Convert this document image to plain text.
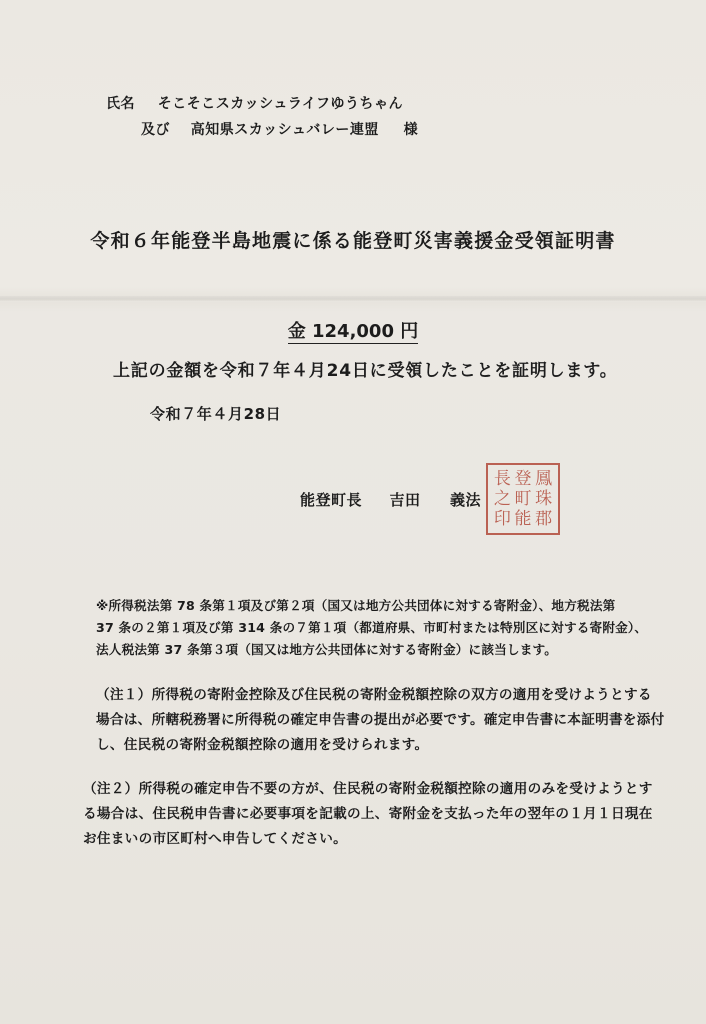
氏名 そこそこスカッシュライフゆうちゃん
及び 高知県スカッシュバレー連盟 様
令和６年能登半島地震に係る能登町災害義援金受領証明書
金 124,000 円
上記の金額を令和７年４月24日に受領したことを証明します。
令和７年４月28日
能登町長 吉田 義法
長 登 鳳
之 町 珠
印 能 郡
※所得税法第 78 条第１項及び第２項（国又は地方公共団体に対する寄附金）、地方税法第
37 条の２第１項及び第 314 条の７第１項（都道府県、市町村または特別区に対する寄附金）、
法人税法第 37 条第３項（国又は地方公共団体に対する寄附金）に該当します。
（注１）所得税の寄附金控除及び住民税の寄附金税額控除の双方の適用を受けようとする
場合は、所轄税務署に所得税の確定申告書の提出が必要です。確定申告書に本証明書を添付
し、住民税の寄附金税額控除の適用を受けられます。
（注２）所得税の確定申告不要の方が、住民税の寄附金税額控除の適用のみを受けようとす
る場合は、住民税申告書に必要事項を記載の上、寄附金を支払った年の翌年の１月１日現在
お住まいの市区町村へ申告してください。
